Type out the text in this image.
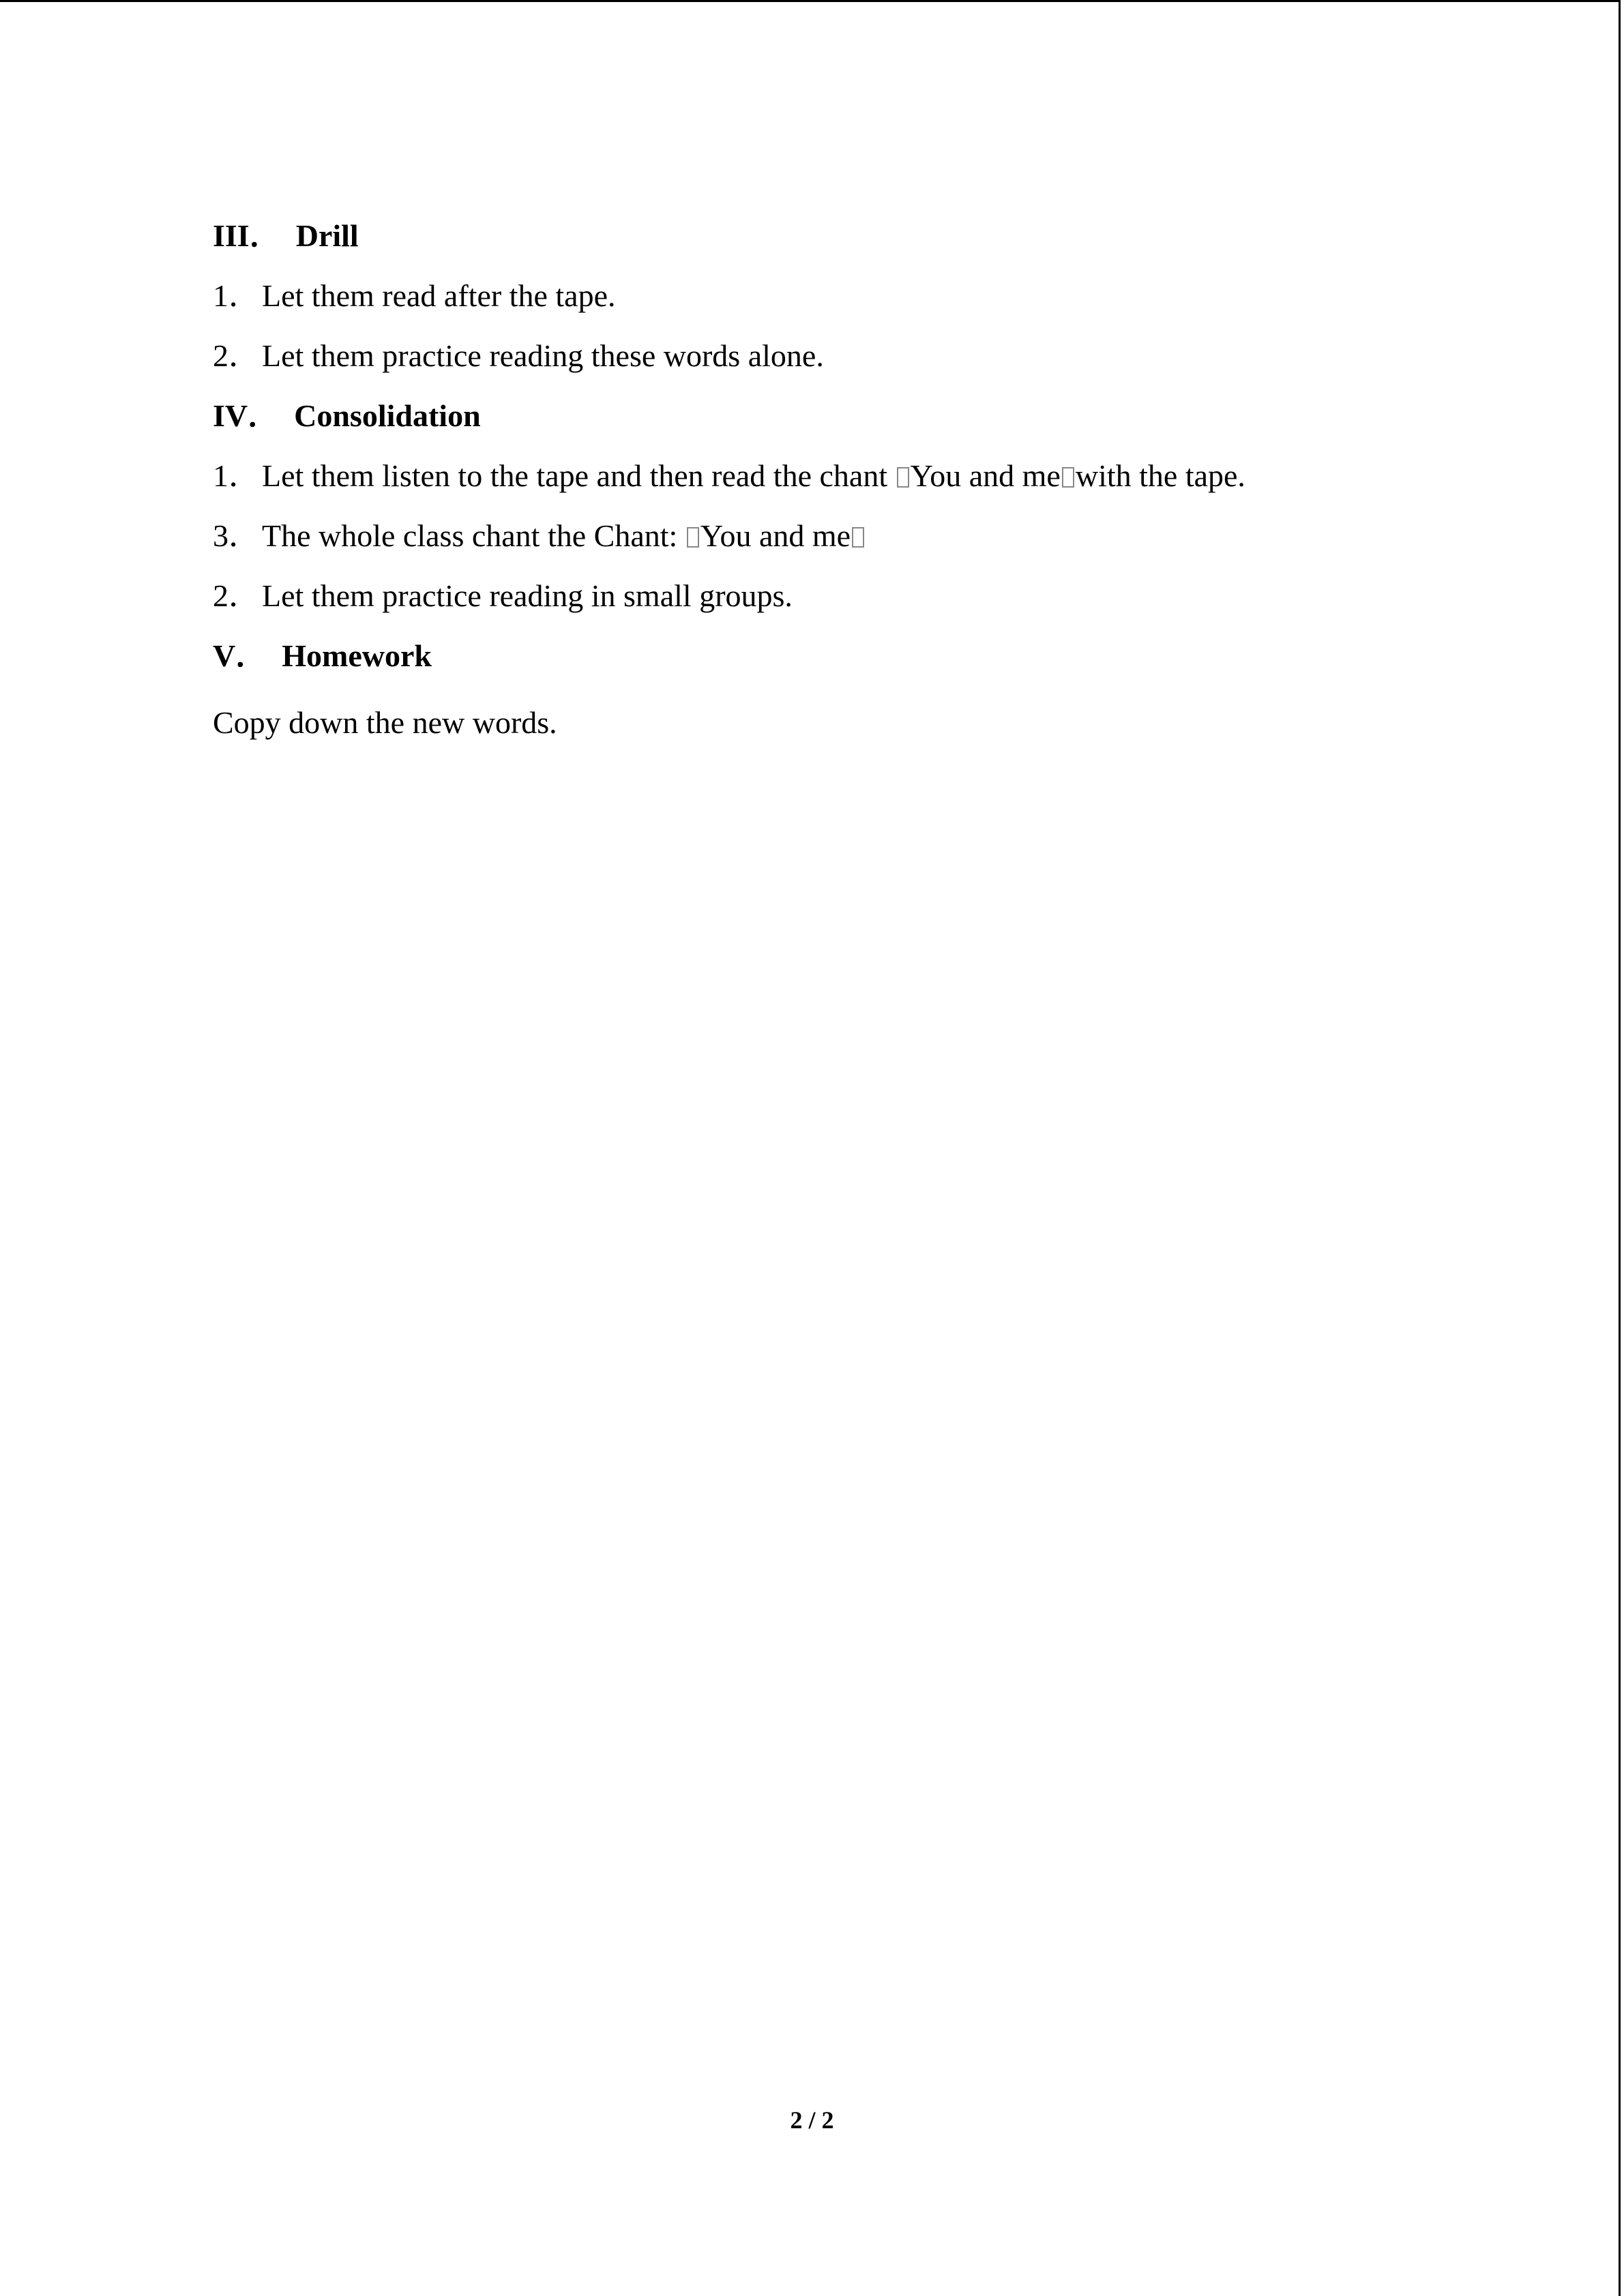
III． Drill
1．Let them read after the tape.
2．Let them practice reading these words alone.
IV． Consolidation
1．Let them listen to the tape and then read the chant You and me with the tape.
3．The whole class chant the Chant: You and me
2．Let them practice reading in small groups.
V． Homework
Copy down the new words.
2 / 2
